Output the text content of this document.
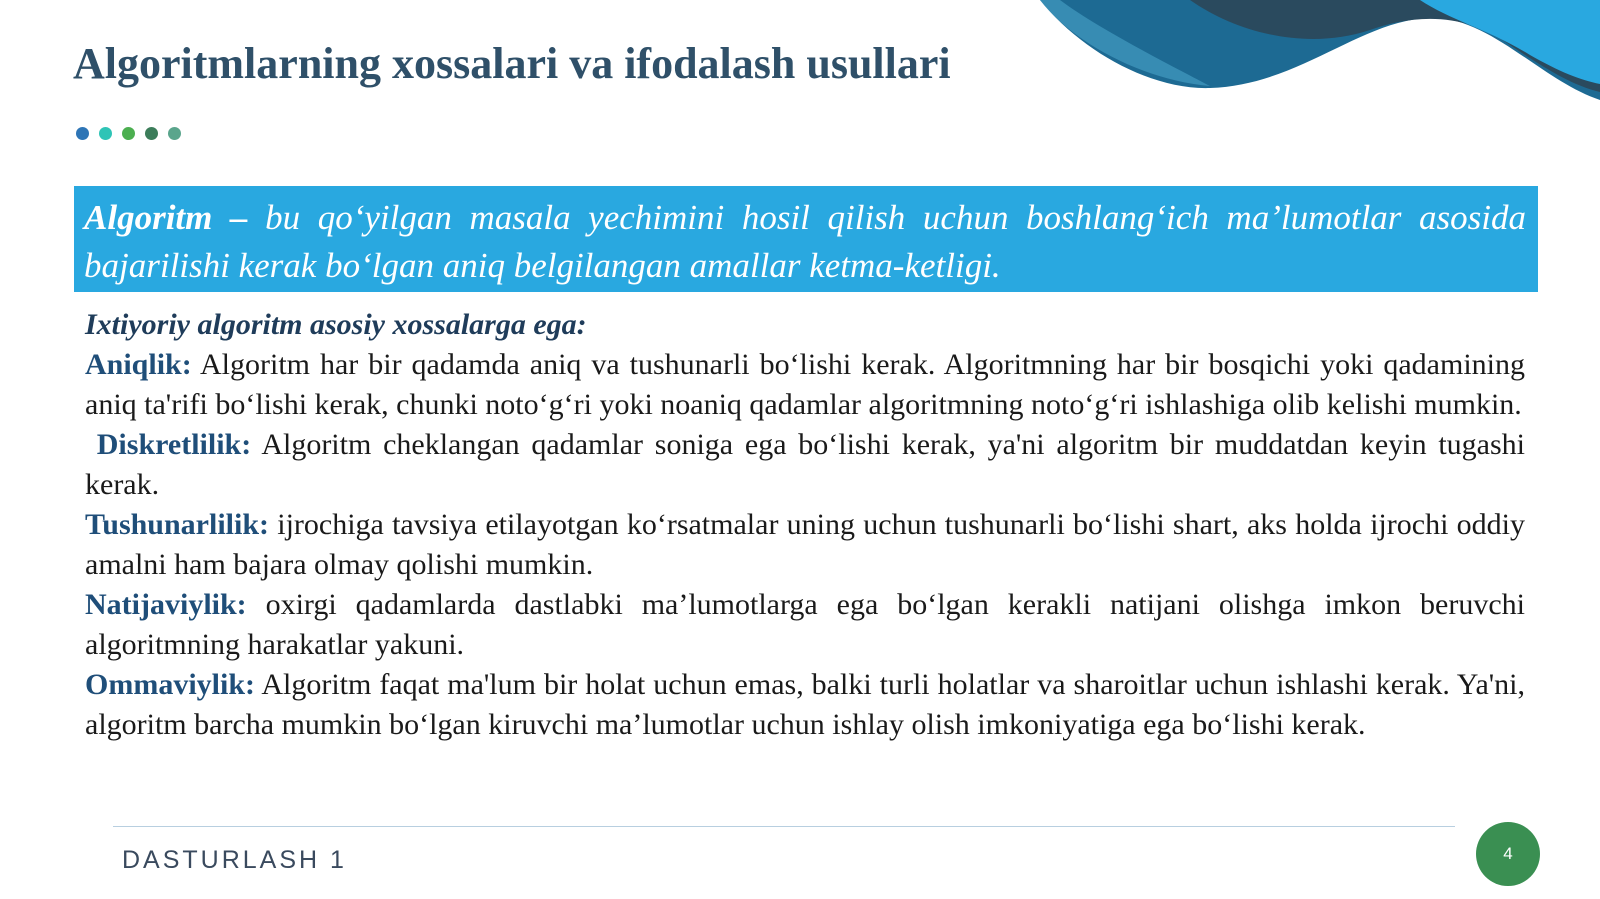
Algoritmlarning xossalari va ifodalash usullari
Algoritm – bu qo‘yilgan masala yechimini hosil qilish uchun boshlang‘ich ma’lumotlar asosida bajarilishi kerak bo‘lgan aniq belgilangan amallar ketma-ketligi.

Ixtiyoriy algoritm asosiy xossalarga ega:

Aniqlik: Algoritm har bir qadamda aniq va tushunarli bo‘lishi kerak. Algoritmning har bir bosqichi yoki qadamining aniq ta'rifi bo‘lishi kerak, chunki noto‘g‘ri yoki noaniq qadamlar algoritmning noto‘g‘ri ishlashiga olib kelishi mumkin.

Diskretlilik: Algoritm cheklangan qadamlar soniga ega bo‘lishi kerak, ya'ni algoritm bir muddatdan keyin tugashi kerak.

Tushunarlilik: ijrochiga tavsiya etilayotgan ko‘rsatmalar uning uchun tushunarli bo‘lishi shart, aks holda ijrochi oddiy amalni ham bajara olmay qolishi mumkin.

Natijaviylik: oxirgi qadamlarda dastlabki ma’lumotlarga ega bo‘lgan kerakli natijani olishga imkon beruvchi algoritmning harakatlar yakuni.

Ommaviylik: Algoritm faqat ma'lum bir holat uchun emas, balki turli holatlar va sharoitlar uchun ishlashi kerak. Ya'ni, algoritm barcha mumkin bo‘lgan kiruvchi ma’lumotlar uchun ishlay olish imkoniyatiga ega bo‘lishi kerak.

DASTURLASH 1	4
